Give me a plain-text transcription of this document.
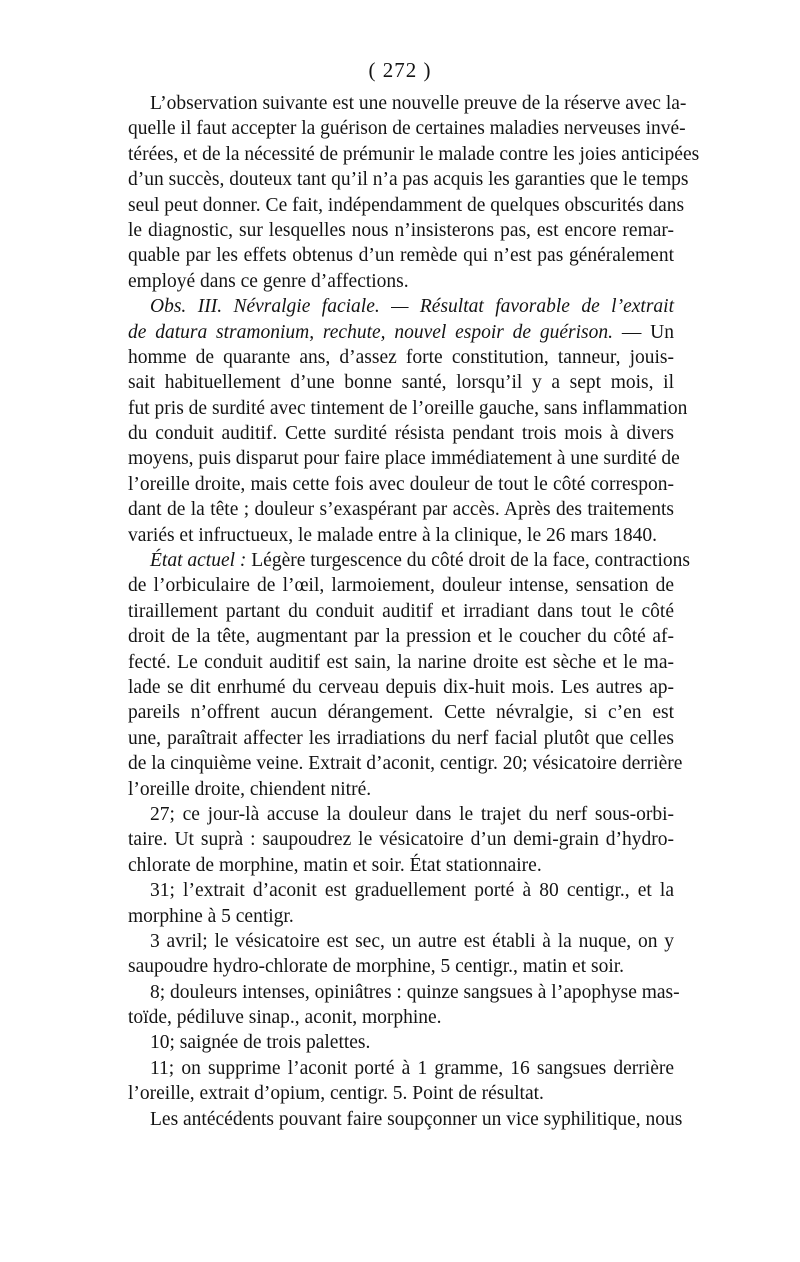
( 272 )
L’observation suivante est une nouvelle preuve de la réserve avec la-
quelle il faut accepter la guérison de certaines maladies nerveuses invé-
térées, et de la nécessité de prémunir le malade contre les joies anticipées
d’un succès, douteux tant qu’il n’a pas acquis les garanties que le temps
seul peut donner. Ce fait, indépendamment de quelques obscurités dans
le diagnostic, sur lesquelles nous n’insisterons pas, est encore remar-
quable par les effets obtenus d’un remède qui n’est pas généralement
employé dans ce genre d’affections.
Obs. III. Névralgie faciale. — Résultat favorable de l’extrait
de datura stramonium, rechute, nouvel espoir de guérison. — Un
homme de quarante ans, d’assez forte constitution, tanneur, jouis-
sait habituellement d’une bonne santé, lorsqu’il y a sept mois, il
fut pris de surdité avec tintement de l’oreille gauche, sans inflammation
du conduit auditif. Cette surdité résista pendant trois mois à divers
moyens, puis disparut pour faire place immédiatement à une surdité de
l’oreille droite, mais cette fois avec douleur de tout le côté correspon-
dant de la tête ; douleur s’exaspérant par accès. Après des traitements
variés et infructueux, le malade entre à la clinique, le 26 mars 1840.
État actuel : Légère turgescence du côté droit de la face, contractions
de l’orbiculaire de l’œil, larmoiement, douleur intense, sensation de
tiraillement partant du conduit auditif et irradiant dans tout le côté
droit de la tête, augmentant par la pression et le coucher du côté af-
fecté. Le conduit auditif est sain, la narine droite est sèche et le ma-
lade se dit enrhumé du cerveau depuis dix-huit mois. Les autres ap-
pareils n’offrent aucun dérangement. Cette névralgie, si c’en est
une, paraîtrait affecter les irradiations du nerf facial plutôt que celles
de la cinquième veine. Extrait d’aconit, centigr. 20; vésicatoire derrière
l’oreille droite, chiendent nitré.
27; ce jour-là accuse la douleur dans le trajet du nerf sous-orbi-
taire. Ut suprà : saupoudrez le vésicatoire d’un demi-grain d’hydro-
chlorate de morphine, matin et soir. État stationnaire.
31; l’extrait d’aconit est graduellement porté à 80 centigr., et la
morphine à 5 centigr.
3 avril; le vésicatoire est sec, un autre est établi à la nuque, on y
saupoudre hydro-chlorate de morphine, 5 centigr., matin et soir.
8; douleurs intenses, opiniâtres : quinze sangsues à l’apophyse mas-
toïde, pédiluve sinap., aconit, morphine.
10; saignée de trois palettes.
11; on supprime l’aconit porté à 1 gramme, 16 sangsues derrière
l’oreille, extrait d’opium, centigr. 5. Point de résultat.
Les antécédents pouvant faire soupçonner un vice syphilitique, nous
